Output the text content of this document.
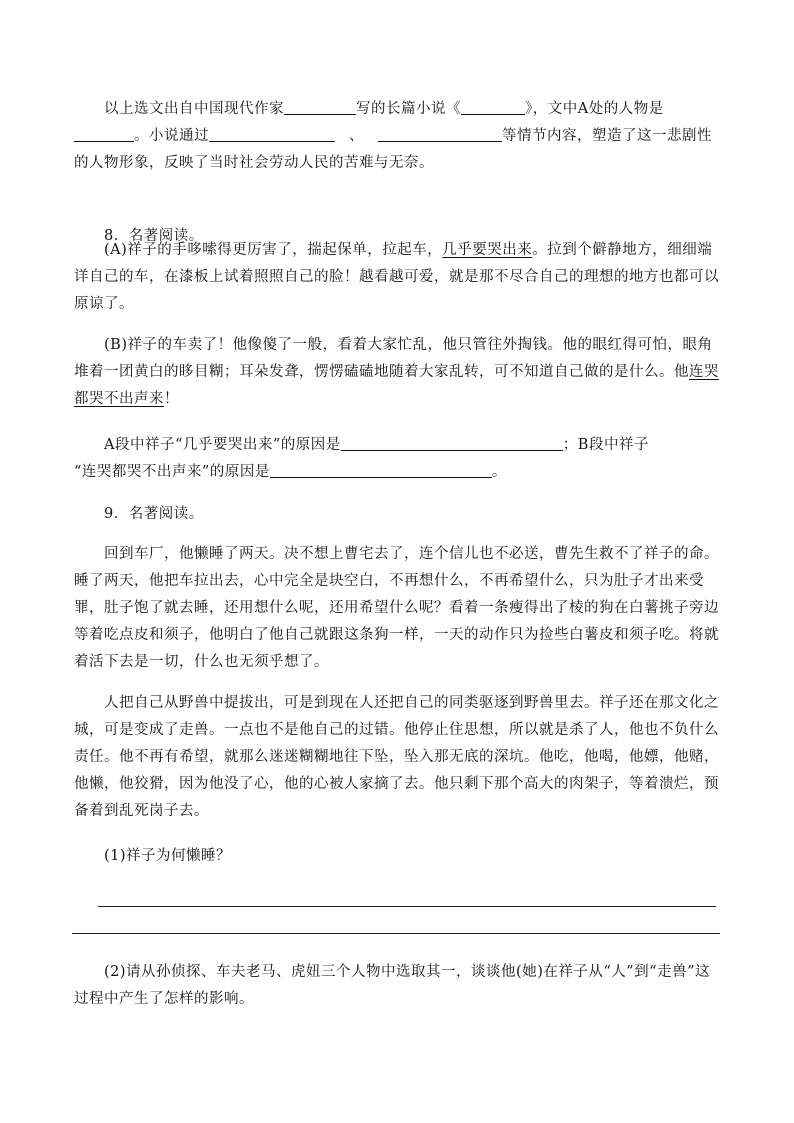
以上选文出自中国现代作家	写的长篇小说《	》，文中A处的人物是
。小说通过	、	等情节内容，塑造了这一悲剧性
的人物形象，反映了当时社会劳动人民的苦难与无奈。

8．名著阅读。

(A)祥子的手哆嗦得更厉害了，揣起保单，拉起车，几乎要哭出来。拉到个僻静地方，细细端详自己的车，在漆板上试着照照自己的脸！越看越可爱，就是那不尽合自己的理想的地方也都可以原谅了。

(B)祥子的车卖了！他像傻了一般，看着大家忙乱，他只管往外掏钱。他的眼红得可怕，眼角堆着一团黄白的眵目糊；耳朵发聋，愣愣磕磕地随着大家乱转，可不知道自己做的是什么。他连哭都哭不出声来！

A段中祥子“几乎要哭出来”的原因是	；B段中祥子
“连哭都哭不出声来”的原因是	。

9．名著阅读。

回到车厂，他懒睡了两天。决不想上曹宅去了，连个信儿也不必送，曹先生救不了祥子的命。睡了两天，他把车拉出去，心中完全是块空白，不再想什么，不再希望什么，只为肚子才出来受罪，肚子饱了就去睡，还用想什么呢，还用希望什么呢？看着一条瘦得出了棱的狗在白薯挑子旁边等着吃点皮和须子，他明白了他自己就跟这条狗一样，一天的动作只为捡些白薯皮和须子吃。将就着活下去是一切，什么也无须乎想了。

人把自己从野兽中提拔出，可是到现在人还把自己的同类驱逐到野兽里去。祥子还在那文化之城，可是变成了走兽。一点也不是他自己的过错。他停止住思想，所以就是杀了人，他也不负什么责任。他不再有希望，就那么迷迷糊糊地往下坠，坠入那无底的深坑。他吃，他喝，他嫖，他赌，他懒，他狡猾，因为他没了心，他的心被人家摘了去。他只剩下那个高大的肉架子，等着溃烂，预备着到乱死岗子去。

(1)祥子为何懒睡？

(2)请从孙侦探、车夫老马、虎妞三个人物中选取其一，谈谈他(她)在祥子从“人”到“走兽”这过程中产生了怎样的影响。
